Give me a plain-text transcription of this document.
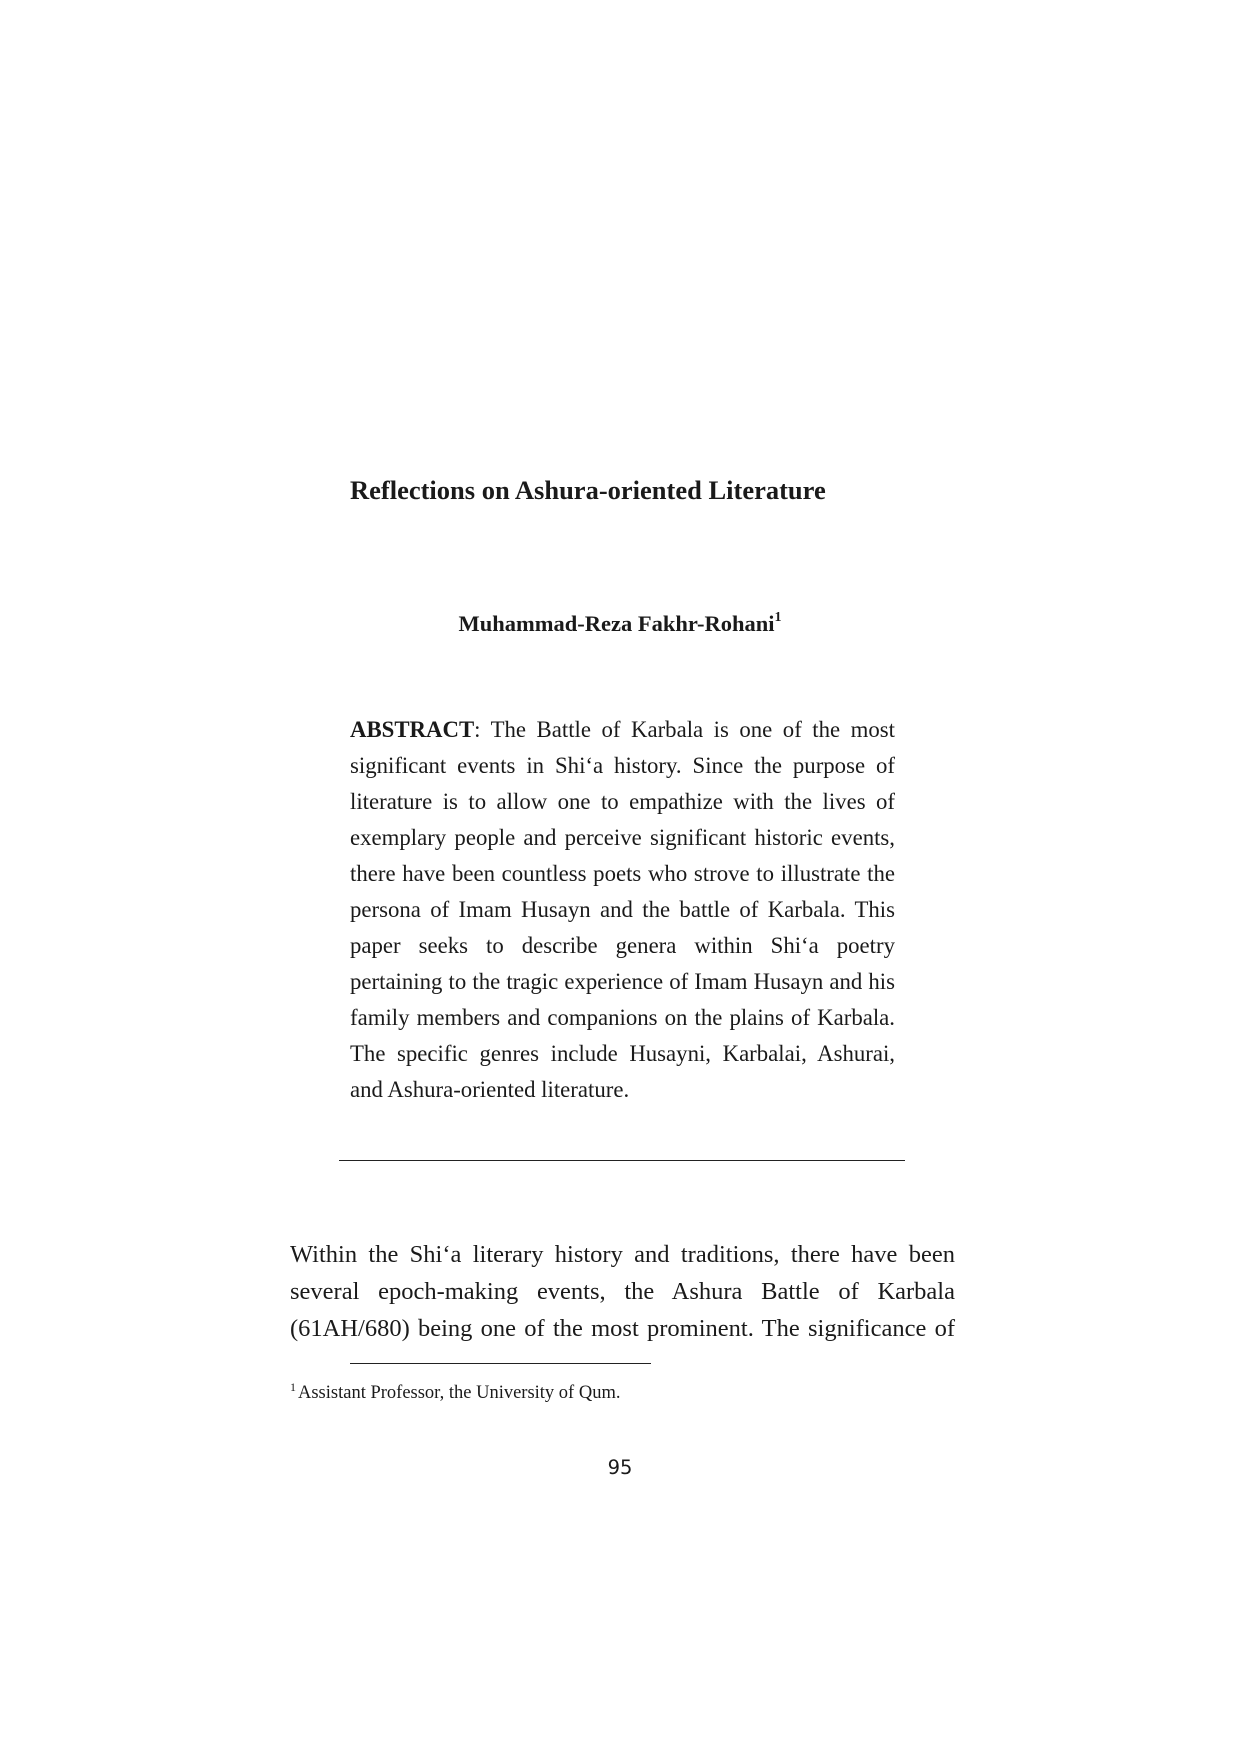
Reflections on Ashura-oriented Literature

Muhammad-Reza Fakhr-Rohani$^1$

ABSTRACT: The Battle of Karbala is one of the most significant events in Shi‘a history. Since the purpose of literature is to allow one to empathize with the lives of exemplary people and perceive significant historic events, there have been countless poets who strove to illustrate the persona of Imam Husayn and the battle of Karbala. This paper seeks to describe genera within Shi‘a poetry pertaining to the tragic experience of Imam Husayn and his family members and companions on the plains of Karbala. The specific genres include Husayni, Karbalai, Ashurai, and Ashura-oriented literature.

Within the Shi‘a literary history and traditions, there have been several epoch-making events, the Ashura Battle of Karbala (61AH/680) being one of the most prominent. The significance of

$^1$ Assistant Professor, the University of Qum.

95
